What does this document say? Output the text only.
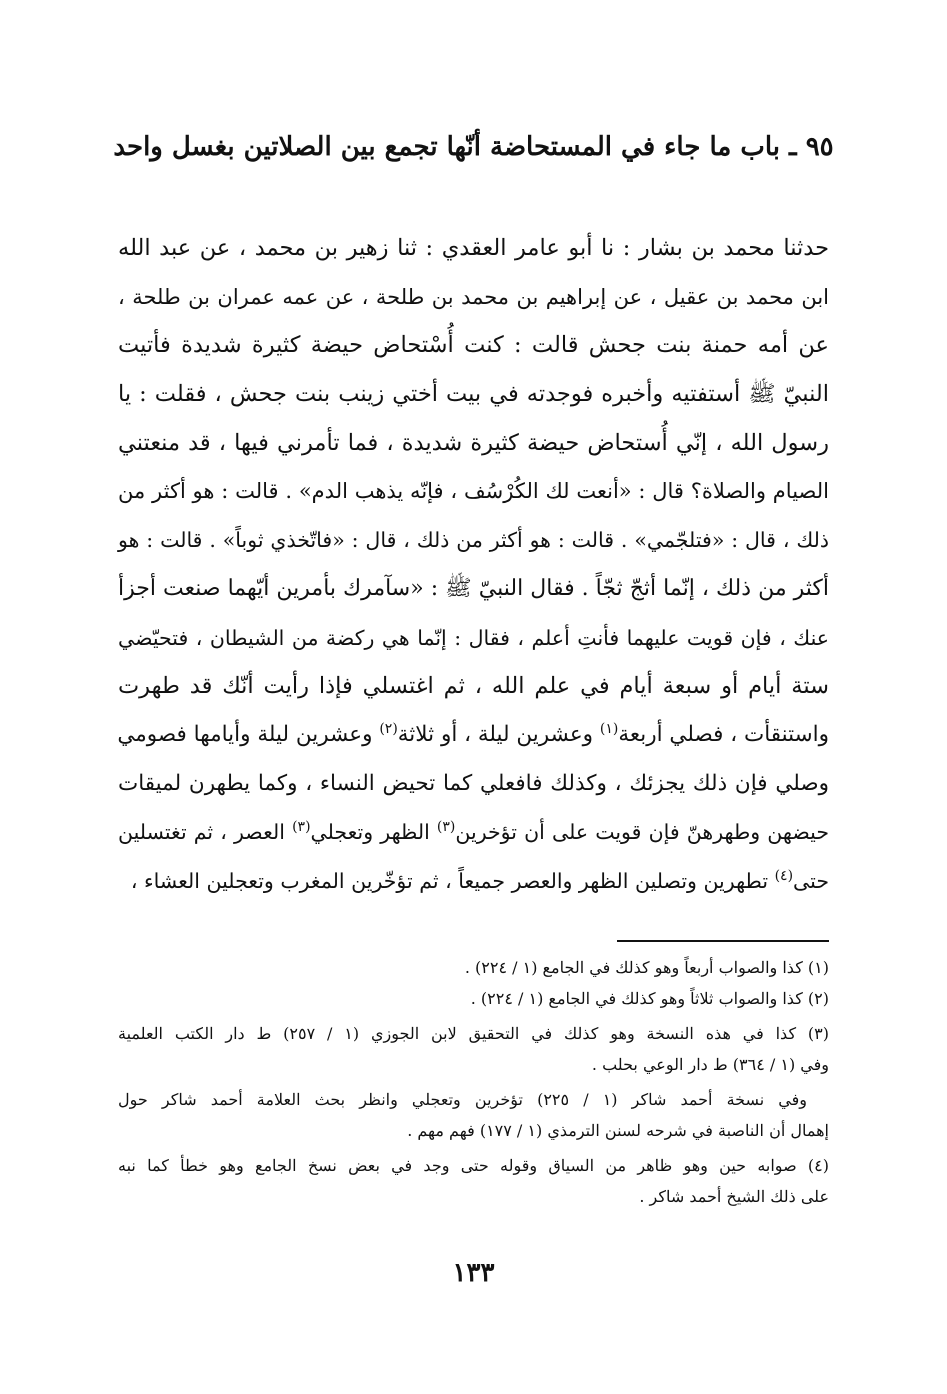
٩٥ ـ باب ما جاء في المستحاضة أنّها تجمع بين الصلاتين بغسل واحد
حدثنا محمد بن بشار : نا أبو عامر العقدي : ثنا زهير بن محمد ، عن عبد الله
ابن محمد بن عقيل ، عن إبراهيم بن محمد بن طلحة ، عن عمه عمران بن طلحة ،
عن أمه حمنة بنت جحش قالت : كنت أُسْتحاض حيضة كثيرة شديدة فأتيت
النبيّ ﷺ أستفتيه وأخبره فوجدته في بيت أختي زينب بنت جحش ، فقلت : يا
رسول الله ، إنّي أُستحاض حيضة كثيرة شديدة ، فما تأمرني فيها ، قد منعتني
الصيام والصلاة؟ قال : «أنعت لك الكُرْسُف ، فإنّه يذهب الدم» . قالت : هو أكثر من
ذلك ، قال : «فتلجّمي» . قالت : هو أكثر من ذلك ، قال : «فاتّخذي ثوباً» . قالت : هو
أكثر من ذلك ، إنّما أثجّ ثجّاً . فقال النبيّ ﷺ : «سآمرك بأمرين أيّهما صنعت أجزأ
عنك ، فإن قويت عليهما فأنتِ أعلم ، فقال : إنّما هي ركضة من الشيطان ، فتحيّضي
ستة أيام أو سبعة أيام في علم الله ، ثم اغتسلي فإذا رأيت أنّك قد طهرت
واستنقأت ، فصلي أربعة$^{(١)}$ وعشرين ليلة ، أو ثلاثة$^{(٢)}$ وعشرين ليلة وأيامها فصومي
وصلي فإن ذلك يجزئك ، وكذلك فافعلي كما تحيض النساء ، وكما يطهرن لميقات
حيضهن وطهرهنّ فإن قويت على أن تؤخرين$^{(٣)}$ الظهر وتعجلي$^{(٣)}$ العصر ، ثم تغتسلين
حتى$^{(٤)}$ تطهرين وتصلين الظهر والعصر جميعاً ، ثم تؤخّرين المغرب وتعجلين العشاء ،
(١) كذا والصواب أربعاً وهو كذلك في الجامع (١ / ٢٢٤) .
(٢) كذا والصواب ثلاثاً وهو كذلك في الجامع (١ / ٢٢٤) .
(٣) كذا في هذه النسخة وهو كذلك في التحقيق لابن الجوزي (١ / ٢٥٧) ط دار الكتب العلمية
وفي (١ / ٣٦٤) ط دار الوعي بحلب .
وفي نسخة أحمد شاكر (١ / ٢٢٥) تؤخرين وتعجلي وانظر بحث العلامة أحمد شاكر حول
إهمال أن الناصبة في شرحه لسنن الترمذي (١ / ١٧٧) فهم مهم .
(٤) صوابه حين وهو ظاهر من السياق وقوله حتى وجد في بعض نسخ الجامع وهو خطأ كما نبه
على ذلك الشيخ أحمد شاكر .
١٣٣
